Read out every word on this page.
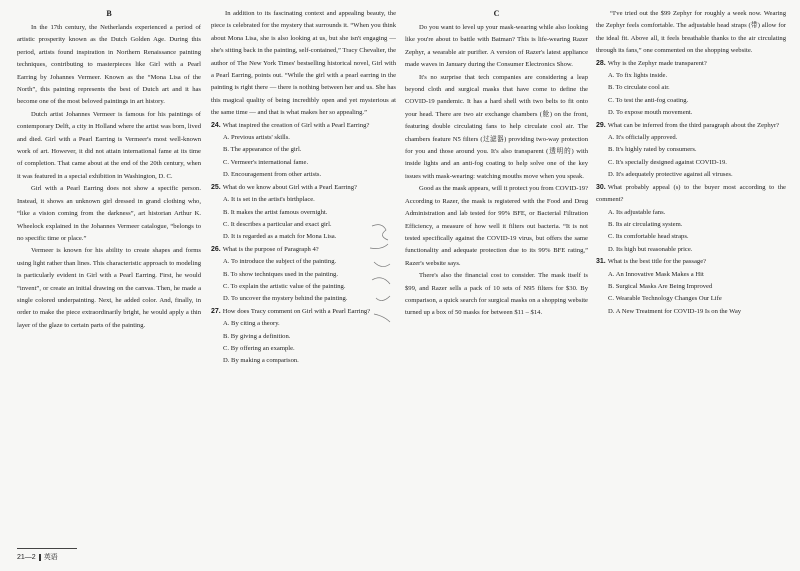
B

In the 17th century, the Netherlands experienced a period of artistic prosperity known as the Dutch Golden Age. During this period, artists found inspiration in Northern Renaissance painting techniques, contributing to masterpieces like Girl with a Pearl Earring by Johannes Vermeer. Known as the “Mona Lisa of the North”, this painting represents the best of Dutch art and it has become one of the most beloved paintings in art history.

Dutch artist Johannes Vermeer is famous for his paintings of contemporary Delft, a city in Holland where the artist was born, lived and died. Girl with a Pearl Earring is Vermeer's most well-known work of art. However, it did not attain international fame at its time of completion. That came about at the end of the 20th century, when it was featured in a special exhibition in Washington, D. C.

Girl with a Pearl Earring does not show a specific person. Instead, it shows an unknown girl dressed in grand clothing who, “like a vision coming from the darkness”, art historian Arthur K. Wheelock explained in the Johannes Vermeer catalogue, “belongs to no specific time or place.”

Vermeer is known for his ability to create shapes and forms using light rather than lines. This characteristic approach to modeling is particularly evident in Girl with a Pearl Earring. First, he would “invent”, or create an initial drawing on the canvas. Then, he made a single colored underpainting. Next, he added color. And, finally, in order to make the piece extraordinarily bright, he would apply a thin layer of the glaze to certain parts of the painting.

In addition to its fascinating context and appealing beauty, the piece is celebrated for the mystery that surrounds it. “When you think about Mona Lisa, she is also looking at us, but she isn't engaging — she's sitting back in the painting, self-contained,” Tracy Chevalier, the author of The New York Times' bestselling historical novel, Girl with a Pearl Earring, points out. “While the girl with a pearl earring in the painting is right there — there is nothing between her and us. She has this magical quality of being incredibly open and yet mysterious at the same time — and that is what makes her so appealing.”

24. What inspired the creation of Girl with a Pearl Earring?
A. Previous artists' skills.
B. The appearance of the girl.
C. Vermeer's international fame.
D. Encouragement from other artists.
25. What do we know about Girl with a Pearl Earring?
A. It is set in the artist's birthplace.
B. It makes the artist famous overnight.
C. It describes a particular and exact girl.
D. It is regarded as a match for Mona Lisa.
26. What is the purpose of Paragraph 4?
A. To introduce the subject of the painting.
B. To show techniques used in the painting.
C. To explain the artistic value of the painting.
D. To uncover the mystery behind the painting.
27. How does Tracy comment on Girl with a Pearl Earring?
A. By citing a theory.
B. By giving a definition.
C. By offering an example.
D. By making a comparison.
C

Do you want to level up your mask-wearing while also looking like you're about to battle with Batman? This is life-wearing Razer Zephyr, a wearable air purifier. A version of Razer's latest appliance made waves in January during the Consumer Electronics Show.

It's no surprise that tech companies are considering a leap beyond cloth and surgical masks that have come to define the COVID-19 pandemic. It has a hard shell with two belts to fit onto your head. There are two air exchange chambers (舱) on the front, featuring double circulating fans to help circulate cool air. The chambers feature N5 filters (过滤器) providing two-way protection for you and those around you. It's also transparent (透明的) with inside lights and an anti-fog coating to help solve one of the key issues with mask-wearing: watching mouths move when you speak.

Good as the mask appears, will it protect you from COVID-19? According to Razer, the mask is registered with the Food and Drug Administration and lab tested for 99% BFE, or Bacterial Filtration Efficiency, a measure of how well it filters out bacteria. “It is not tested specifically against the COVID-19 virus, but offers the same functionality and adequate protection due to its 99% BFE rating,” Razer's website says.

There's also the financial cost to consider. The mask itself is $99, and Razer sells a pack of 10 sets of N95 filters for $30. By comparison, a quick search for surgical masks on a shopping website turned up a box of 50 masks for between $11 – $14.

“I've tried out the $99 Zephyr for roughly a week now. Wearing the Zephyr feels comfortable. The adjustable head straps (带) allow for the ideal fit. Above all, it feels breathable thanks to the air circulating through its fans,” one commented on the shopping website.

28. Why is the Zephyr made transparent?
A. To fix lights inside.
B. To circulate cool air.
C. To test the anti-fog coating.
D. To expose mouth movement.
29. What can be inferred from the third paragraph about the Zephyr?
A. It's officially approved.
B. It's highly rated by consumers.
C. It's specially designed against COVID-19.
D. It's adequately protective against all viruses.
30. What probably appeal (s) to the buyer most according to the comment?
A. Its adjustable fans.
B. Its air circulating system.
C. Its comfortable head straps.
D. Its high but reasonable price.
31. What is the best title for the passage?
A. An Innovative Mask Makes a Hit
B. Surgical Masks Are Being Improved
C. Wearable Technology Changes Our Life
D. A New Treatment for COVID-19 Is on the Way
21—2 英语
